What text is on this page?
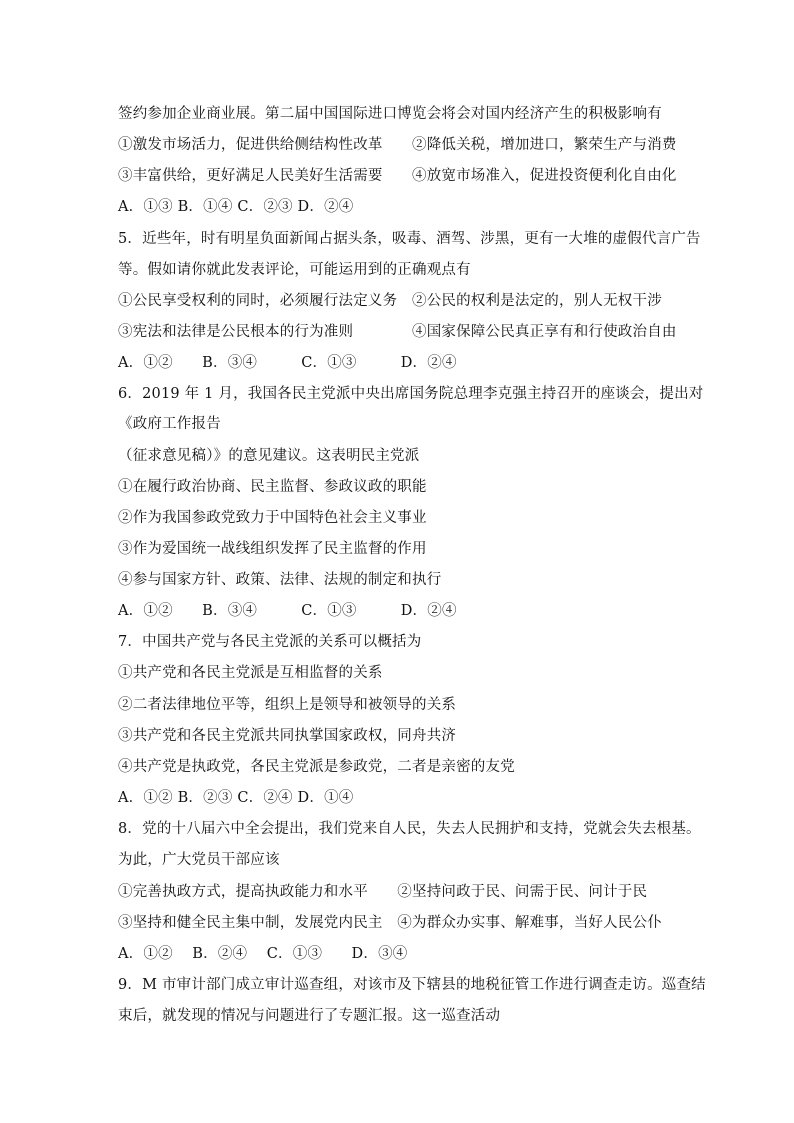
签约参加企业商业展。第二届中国国际进口博览会将会对国内经济产生的积极影响有
①激发市场活力，促进供给侧结构性改革　　②降低关税，增加进口，繁荣生产与消费
③丰富供给，更好满足人民美好生活需要　　④放宽市场准入，促进投资便利化自由化
A．①③ B．①④ C．②③ D．②④
5．近些年，时有明星负面新闻占据头条，吸毒、酒驾、涉黑，更有一大堆的虚假代言广告
等。假如请你就此发表评论，可能运用到的正确观点有
①公民享受权利的同时，必须履行法定义务　②公民的权利是法定的，别人无权干涉
③宪法和法律是公民根本的行为准则　　　　④国家保障公民真正享有和行使政治自由
A．①②　　B．③④　　　C．①③　　　D．②④
6．2019 年 1 月，我国各民主党派中央出席国务院总理李克强主持召开的座谈会，提出对
《政府工作报告
（征求意见稿）》的意见建议。这表明民主党派
①在履行政治协商、民主监督、参政议政的职能
②作为我国参政党致力于中国特色社会主义事业
③作为爱国统一战线组织发挥了民主监督的作用
④参与国家方针、政策、法律、法规的制定和执行
A．①②　　B．③④　　　C．①③　　　D．②④
7．中国共产党与各民主党派的关系可以概括为
①共产党和各民主党派是互相监督的关系
②二者法律地位平等，组织上是领导和被领导的关系
③共产党和各民主党派共同执掌国家政权，同舟共济
④共产党是执政党，各民主党派是参政党，二者是亲密的友党
A．①② B．②③ C．②④ D．①④
8．党的十八届六中全会提出，我们党来自人民，失去人民拥护和支持，党就会失去根基。
为此，广大党员干部应该
①完善执政方式，提高执政能力和水平　　②坚持问政于民、问需于民、问计于民
③坚持和健全民主集中制，发展党内民主　④为群众办实事、解难事，当好人民公仆
A．①②　 B．②④　 C．①③　　D．③④
9．M 市审计部门成立审计巡查组，对该市及下辖县的地税征管工作进行调查走访。巡查结
束后，就发现的情况与问题进行了专题汇报。这一巡查活动
